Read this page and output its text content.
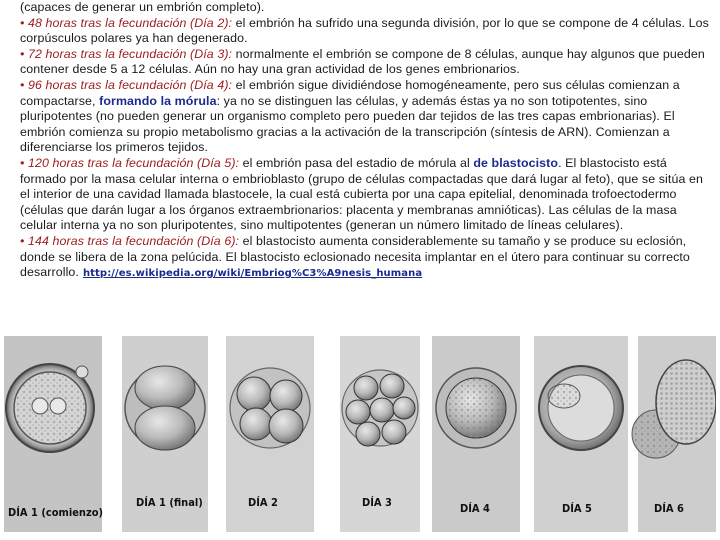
(capaces de generar un embrión completo).

• 48 horas tras la fecundación (Día 2): el embrión ha sufrido una segunda división, por lo que se compone de 4 células. Los corpúsculos polares ya han degenerado.

• 72 horas tras la fecundación (Día 3): normalmente el embrión se compone de 8 células, aunque hay algunos que pueden contener desde 5 a 12 células. Aún no hay una gran actividad de los genes embrionarios.

• 96 horas tras la fecundación (Día 4): el embrión sigue dividiéndose homogéneamente, pero sus células comienzan a compactarse, formando la mórula: ya no se distinguen las células, y además éstas ya no son totipotentes, sino pluripotentes (no pueden generar un organismo completo pero pueden dar tejidos de las tres capas embrionarias). El embrión comienza su propio metabolismo gracias a la activación de la transcripción (síntesis de ARN). Comienzan a diferenciarse los primeros tejidos.

• 120 horas tras la fecundación (Día 5): el embrión pasa del estadio de mórula al de blastocisto. El blastocisto está formado por la masa celular interna o embrioblasto (grupo de células compactadas que dará lugar al feto), que se sitúa en el interior de una cavidad llamada blastocele, la cual está cubierta por una capa epitelial, denominada trofoectodermo (células que darán lugar a los órganos extraembrionarios: placenta y membranas amnióticas). Las células de la masa celular interna ya no son pluripotentes, sino multipotentes (generan un número limitado de líneas celulares).

• 144 horas tras la fecundación (Día 6): el blastocisto aumenta considerablemente su tamaño y se produce su eclosión, donde se libera de la zona pelúcida. El blastocisto eclosionado necesita implantar en el útero para continuar su correcto desarrollo. http://es.wikipedia.org/wiki/Embriog%C3%A9nesis_humana

DÍA 1 (comienzo)
DÍA 1 (final)	DÍA 2	DÍA 3	DÍA 4	DÍA 5	DÍA 6
